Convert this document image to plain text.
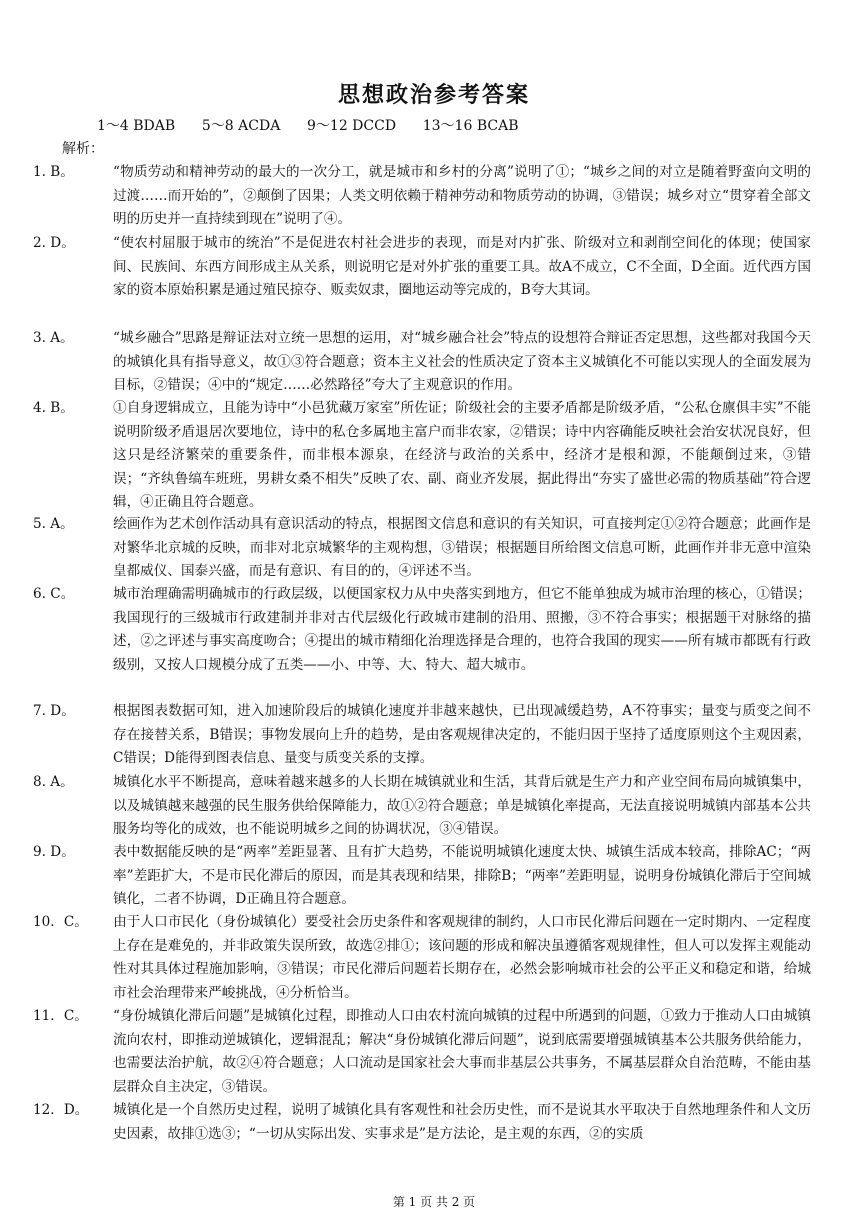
思想政治参考答案
1～4 BDAB      5～8 ACDA      9～12 DCCD      13～16 BCAB
解析：
1. B。	“物质劳动和精神劳动的最大的一次分工，就是城市和乡村的分离”说明了①；“城乡之间的对立是随着野蛮向文明的过渡……而开始的”，②颠倒了因果；人类文明依赖于精神劳动和物质劳动的协调，③错误；城乡对立“贯穿着全部文明的历史并一直持续到现在”说明了④。
2. D。	“使农村屈服于城市的统治”不是促进农村社会进步的表现，而是对内扩张、阶级对立和剥削空间化的体现；使国家间、民族间、东西方间形成主从关系，则说明它是对外扩张的重要工具。故A不成立，C不全面，D全面。近代西方国家的资本原始积累是通过殖民掠夺、贩卖奴隶，圈地运动等完成的，B夸大其词。
3. A。	“城乡融合”思路是辩证法对立统一思想的运用，对“城乡融合社会”特点的设想符合辩证否定思想，这些都对我国今天的城镇化具有指导意义，故①③符合题意；资本主义社会的性质决定了资本主义城镇化不可能以实现人的全面发展为目标，②错误；④中的“规定……必然路径”夸大了主观意识的作用。
4. B。	①自身逻辑成立，且能为诗中“小邑犹藏万家室”所佐证；阶级社会的主要矛盾都是阶级矛盾，“公私仓廪俱丰实”不能说明阶级矛盾退居次要地位，诗中的私仓多属地主富户而非农家，②错误；诗中内容确能反映社会治安状况良好，但这只是经济繁荣的重要条件，而非根本源泉，在经济与政治的关系中，经济才是根和源，不能颠倒过来，③错误；“齐纨鲁缟车班班，男耕女桑不相失”反映了农、副、商业齐发展，据此得出“夯实了盛世必需的物质基础”符合逻辑，④正确且符合题意。
5. A。	绘画作为艺术创作活动具有意识活动的特点，根据图文信息和意识的有关知识，可直接判定①②符合题意；此画作是对繁华北京城的反映，而非对北京城繁华的主观构想，③错误；根据题目所给图文信息可断，此画作并非无意中渲染皇都威仪、国泰兴盛，而是有意识、有目的的，④评述不当。
6. C。	城市治理确需明确城市的行政层级，以便国家权力从中央落实到地方，但它不能单独成为城市治理的核心，①错误；我国现行的三级城市行政建制并非对古代层级化行政城市建制的沿用、照搬，③不符合事实；根据题干对脉络的描述，②之评述与事实高度吻合；④提出的城市精细化治理选择是合理的，也符合我国的现实——所有城市都既有行政级别，又按人口规模分成了五类——小、中等、大、特大、超大城市。
7. D。	根据图表数据可知，进入加速阶段后的城镇化速度并非越来越快，已出现减缓趋势，A不符事实；量变与质变之间不存在接替关系，B错误；事物发展向上升的趋势，是由客观规律决定的，不能归因于坚持了适度原则这个主观因素，C错误；D能得到图表信息、量变与质变关系的支撑。
8. A。	城镇化水平不断提高，意味着越来越多的人长期在城镇就业和生活，其背后就是生产力和产业空间布局向城镇集中，以及城镇越来越强的民生服务供给保障能力，故①②符合题意；单是城镇化率提高，无法直接说明城镇内部基本公共服务均等化的成效，也不能说明城乡之间的协调状况，③④错误。
9. D。	表中数据能反映的是“两率”差距显著、且有扩大趋势，不能说明城镇化速度太快、城镇生活成本较高，排除AC；“两率”差距扩大，不是市民化滞后的原因，而是其表现和结果，排除B；“两率”差距明显，说明身份城镇化滞后于空间城镇化，二者不协调，D正确且符合题意。
10．C。 由于人口市民化（身份城镇化）要受社会历史条件和客观规律的制约，人口市民化滞后问题在一定时期内、一定程度上存在是难免的，并非政策失误所致，故选②排①；该问题的形成和解决虽遵循客观规律性，但人可以发挥主观能动性对其具体过程施加影响，③错误；市民化滞后问题若长期存在，必然会影响城市社会的公平正义和稳定和谐，给城市社会治理带来严峻挑战，④分析恰当。
11．C。 “身份城镇化滞后问题”是城镇化过程，即推动人口由农村流向城镇的过程中所遇到的问题，①致力于推动人口由城镇流向农村，即推动逆城镇化，逻辑混乱；解决“身份城镇化滞后问题”，说到底需要增强城镇基本公共服务供给能力，也需要法治护航，故②④符合题意；人口流动是国家社会大事而非基层公共事务，不属基层群众自治范畴，不能由基层群众自主决定，③错误。
12．D。 城镇化是一个自然历史过程，说明了城镇化具有客观性和社会历史性，而不是说其水平取决于自然地理条件和人文历史因素，故排①选③；“一切从实际出发、实事求是”是方法论，是主观的东西，②的实质
第 1 页 共 2 页
